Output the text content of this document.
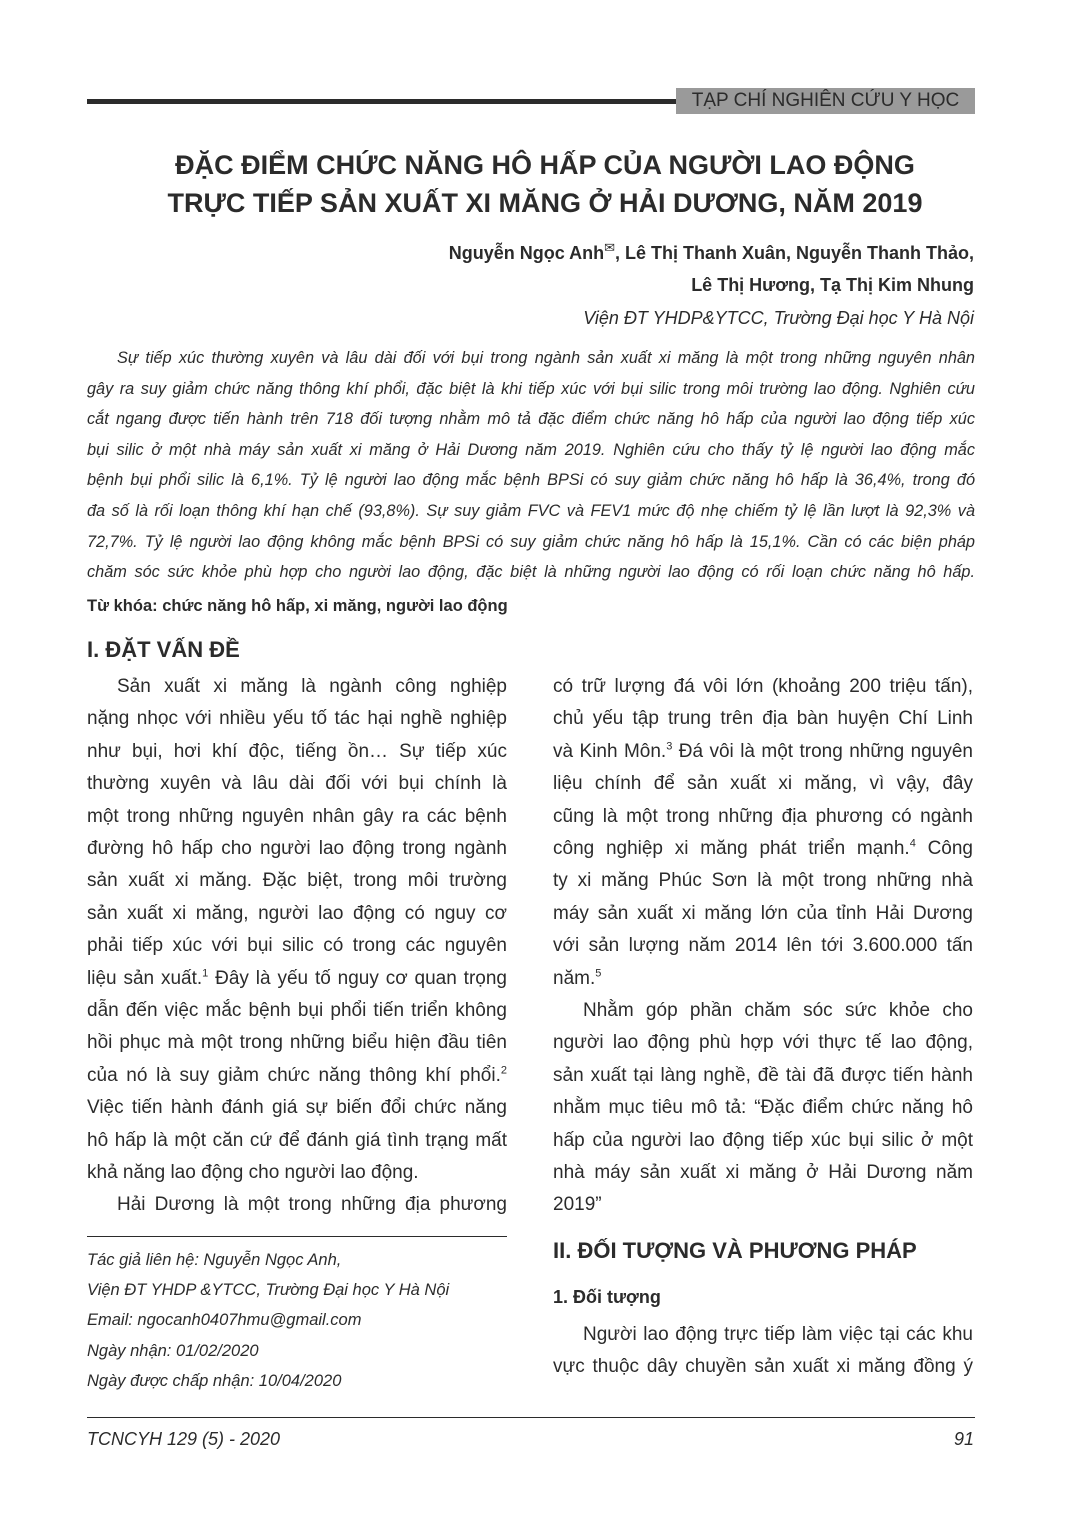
TẠP CHÍ NGHIÊN CỨU Y HỌC
ĐẶC ĐIỂM CHỨC NĂNG HÔ HẤP CỦA NGƯỜI LAO ĐỘNG
TRỰC TIẾP SẢN XUẤT XI MĂNG Ở HẢI DƯƠNG, NĂM 2019
Nguyễn Ngọc Anh✉, Lê Thị Thanh Xuân, Nguyễn Thanh Thảo,
Lê Thị Hương, Tạ Thị Kim Nhung
Viện ĐT YHDP&YTCC, Trường Đại học Y Hà Nội
Sự tiếp xúc thường xuyên và lâu dài đối với bụi trong ngành sản xuất xi măng là một trong những nguyên nhân
gây ra suy giảm chức năng thông khí phổi, đặc biệt là khi tiếp xúc với bụi silic trong môi trường lao động. Nghiên cứu
cắt ngang được tiến hành trên 718 đối tượng nhằm mô tả đặc điểm chức năng hô hấp của người lao động tiếp xúc
bụi silic ở một nhà máy sản xuất xi măng ở Hải Dương năm 2019. Nghiên cứu cho thấy tỷ lệ người lao động mắc
bệnh bụi phổi silic là 6,1%. Tỷ lệ người lao động mắc bệnh BPSi có suy giảm chức năng hô hấp là 36,4%, trong đó
đa số là rối loạn thông khí hạn chế (93,8%). Sự suy giảm FVC và FEV1 mức độ nhẹ chiếm tỷ lệ lần lượt là 92,3% và
72,7%. Tỷ lệ người lao động không mắc bệnh BPSi có suy giảm chức năng hô hấp là 15,1%. Cần có các biện pháp
chăm sóc sức khỏe phù hợp cho người lao động, đặc biệt là những người lao động có rối loạn chức năng hô hấp.
Từ khóa: chức năng hô hấp, xi măng, người lao động
I. ĐẶT VẤN ĐỀ
Sản xuất xi măng là ngành công nghiệp
nặng nhọc với nhiều yếu tố tác hại nghề nghiệp
như bụi, hơi khí độc, tiếng ồn… Sự tiếp xúc
thường xuyên và lâu dài đối với bụi chính là
một trong những nguyên nhân gây ra các bệnh
đường hô hấp cho người lao động trong ngành
sản xuất xi măng. Đặc biệt, trong môi trường
sản xuất xi măng, người lao động có nguy cơ
phải tiếp xúc với bụi silic có trong các nguyên
liệu sản xuất.$^1$ Đây là yếu tố nguy cơ quan trọng
dẫn đến việc mắc bệnh bụi phổi tiến triển không
hồi phục mà một trong những biểu hiện đầu tiên
của nó là suy giảm chức năng thông khí phổi.$^2$
Việc tiến hành đánh giá sự biến đổi chức năng
hô hấp là một căn cứ để đánh giá tình trạng mất
khả năng lao động cho người lao động.
Hải Dương là một trong những địa phương
có trữ lượng đá vôi lớn (khoảng 200 triệu tấn),
chủ yếu tập trung trên địa bàn huyện Chí Linh
và Kinh Môn.$^3$ Đá vôi là một trong những nguyên
liệu chính để sản xuất xi măng, vì vậy, đây
cũng là một trong những địa phương có ngành
công nghiệp xi măng phát triển mạnh.$^4$ Công
ty xi măng Phúc Sơn là một trong những nhà
máy sản xuất xi măng lớn của tỉnh Hải Dương
với sản lượng năm 2014 lên tới 3.600.000 tấn
năm.$^5$
Nhằm góp phần chăm sóc sức khỏe cho
người lao động phù hợp với thực tế lao động,
sản xuất tại làng nghề, đề tài đã được tiến hành
nhằm mục tiêu mô tả: “Đặc điểm chức năng hô
hấp của người lao động tiếp xúc bụi silic ở một
nhà máy sản xuất xi măng ở Hải Dương năm
2019”
II. ĐỐI TƯỢNG VÀ PHƯƠNG PHÁP
1. Đối tượng
Người lao động trực tiếp làm việc tại các khu
vực thuộc dây chuyền sản xuất xi măng đồng ý
Tác giả liên hệ: Nguyễn Ngọc Anh,
Viện ĐT YHDP &YTCC, Trường Đại học Y Hà Nội
Email: ngocanh0407hmu@gmail.com
Ngày nhận: 01/02/2020
Ngày được chấp nhận: 10/04/2020
TCNCYH 129 (5) - 2020	91
